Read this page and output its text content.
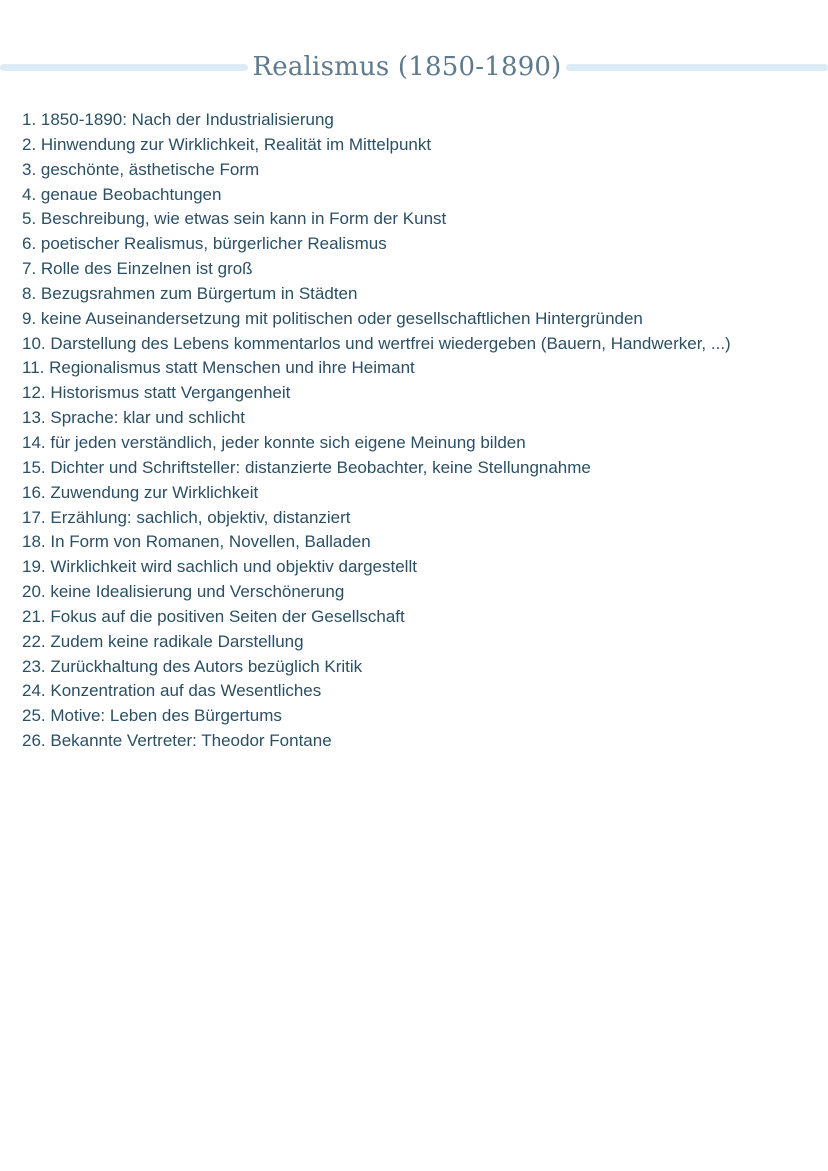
Realismus (1850-1890)
1. 1850-1890: Nach der Industrialisierung
2. Hinwendung zur Wirklichkeit, Realität im Mittelpunkt
3. geschönte, ästhetische Form
4. genaue Beobachtungen
5. Beschreibung, wie etwas sein kann in Form der Kunst
6. poetischer Realismus, bürgerlicher Realismus
7. Rolle des Einzelnen ist groß
8. Bezugsrahmen zum Bürgertum in Städten
9. keine Auseinandersetzung mit politischen oder gesellschaftlichen Hintergründen
10. Darstellung des Lebens kommentarlos und wertfrei wiedergeben (Bauern, Handwerker, ...)
11. Regionalismus statt Menschen und ihre Heimant
12. Historismus statt Vergangenheit
13. Sprache: klar und schlicht
14. für jeden verständlich, jeder konnte sich eigene Meinung bilden
15. Dichter und Schriftsteller: distanzierte Beobachter, keine Stellungnahme
16. Zuwendung zur Wirklichkeit
17. Erzählung: sachlich, objektiv, distanziert
18. In Form von Romanen, Novellen, Balladen
19. Wirklichkeit wird sachlich und objektiv dargestellt
20. keine Idealisierung und Verschönerung
21. Fokus auf die positiven Seiten der Gesellschaft
22. Zudem keine radikale Darstellung
23. Zurückhaltung des Autors bezüglich Kritik
24. Konzentration auf das Wesentliches
25. Motive: Leben des Bürgertums
26. Bekannte Vertreter: Theodor Fontane
